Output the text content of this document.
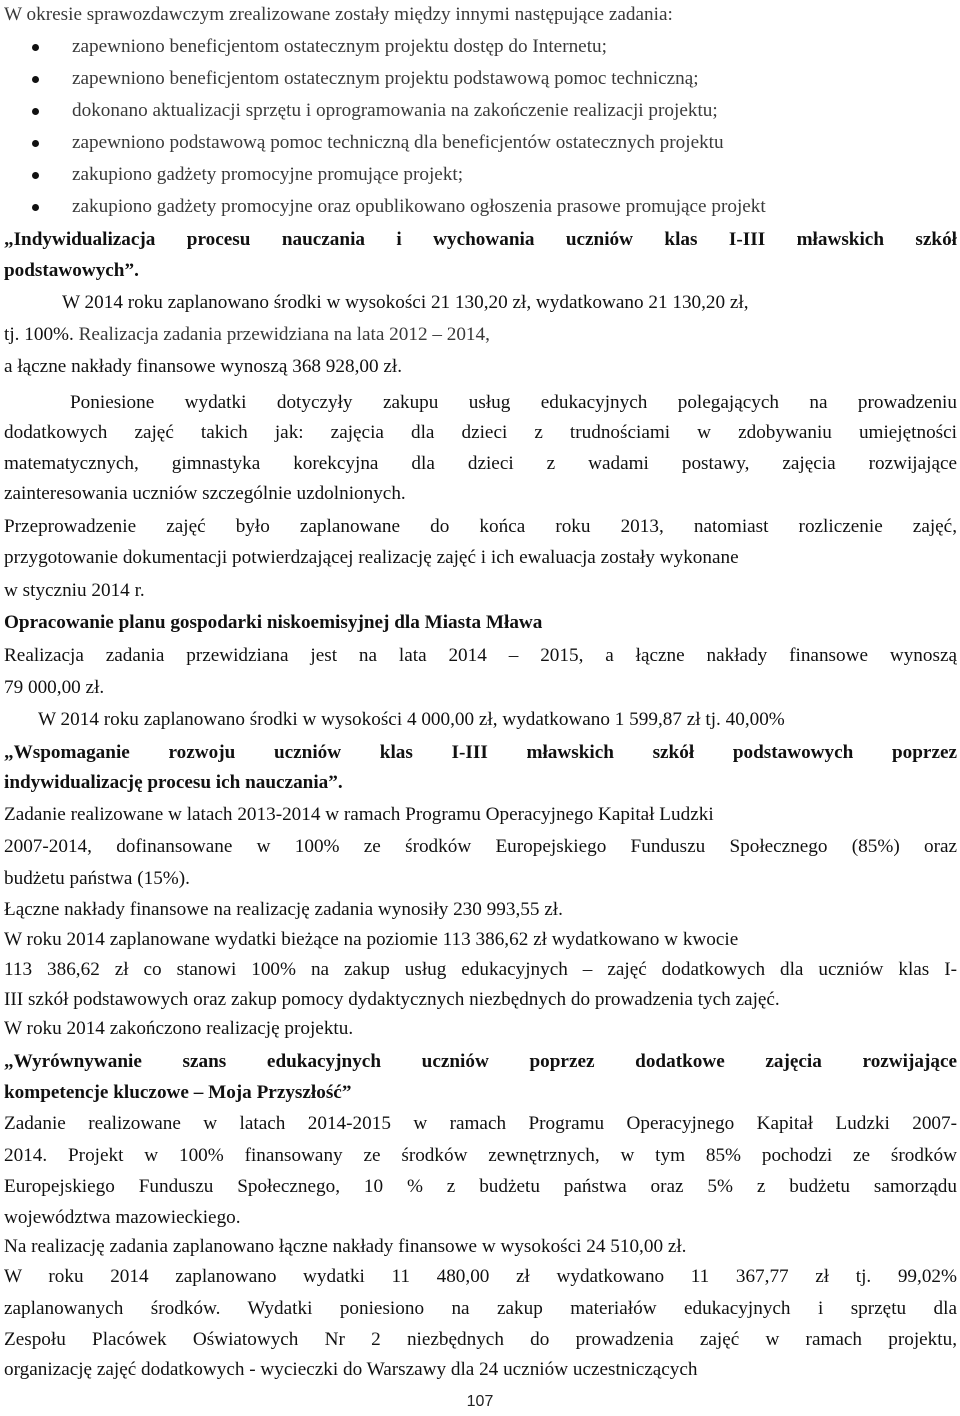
W okresie sprawozdawczym zrealizowane zostały między innymi następujące zadania:
zapewniono beneficjentom ostatecznym projektu dostęp do Internetu;
zapewniono beneficjentom ostatecznym projektu podstawową pomoc techniczną;
dokonano aktualizacji sprzętu i oprogramowania na zakończenie realizacji projektu;
zapewniono podstawową pomoc techniczną dla beneficjentów ostatecznych projektu
zakupiono gadżety promocyjne promujące projekt;
zakupiono gadżety promocyjne oraz opublikowano ogłoszenia prasowe promujące projekt
„Indywidualizacja procesu nauczania i wychowania uczniów klas I-III mławskich szkół
podstawowych”.
W 2014 roku zaplanowano środki w wysokości 21 130,20 zł, wydatkowano 21 130,20 zł,
tj. 100%. Realizacja zadania przewidziana na lata 2012 – 2014,
a łączne nakłady finansowe wynoszą 368 928,00 zł.
Poniesione wydatki dotyczyły zakupu usług edukacyjnych polegających na prowadzeniu
dodatkowych zajęć takich jak: zajęcia dla dzieci z trudnościami w zdobywaniu umiejętności
matematycznych, gimnastyka korekcyjna dla dzieci z wadami postawy, zajęcia rozwijające
zainteresowania uczniów szczególnie uzdolnionych.
Przeprowadzenie zajęć było zaplanowane do końca roku 2013, natomiast rozliczenie zajęć,
przygotowanie dokumentacji potwierdzającej realizację zajęć i ich ewaluacja zostały wykonane
w styczniu 2014 r.
Opracowanie planu gospodarki niskoemisyjnej dla Miasta Mława
Realizacja zadania przewidziana jest na lata 2014 – 2015, a łączne nakłady finansowe wynoszą
79 000,00 zł.
W 2014 roku zaplanowano środki w wysokości 4 000,00 zł, wydatkowano 1 599,87 zł tj. 40,00%
„Wspomaganie rozwoju uczniów klas I-III mławskich szkół podstawowych poprzez
indywidualizację procesu ich nauczania”.
Zadanie realizowane w latach 2013-2014 w ramach Programu Operacyjnego Kapitał Ludzki
2007-2014, dofinansowane w 100% ze środków Europejskiego Funduszu Społecznego (85%) oraz
budżetu państwa (15%).
Łączne nakłady finansowe na realizację zadania wynosiły 230 993,55 zł.
W roku 2014 zaplanowane wydatki bieżące na poziomie 113 386,62 zł wydatkowano w kwocie
113 386,62 zł co stanowi 100% na zakup usług edukacyjnych – zajęć dodatkowych dla uczniów klas I-
III szkół podstawowych oraz zakup pomocy dydaktycznych niezbędnych do prowadzenia tych zajęć.
W roku 2014 zakończono realizację projektu.
„Wyrównywanie szans edukacyjnych uczniów poprzez dodatkowe zajęcia rozwijające
kompetencje kluczowe – Moja Przyszłość”
Zadanie realizowane w latach 2014-2015 w ramach Programu Operacyjnego Kapitał Ludzki 2007-
2014. Projekt w 100% finansowany ze środków zewnętrznych, w tym 85% pochodzi ze środków
Europejskiego Funduszu Społecznego, 10 % z budżetu państwa oraz 5% z budżetu samorządu
województwa mazowieckiego.
Na realizację zadania zaplanowano łączne nakłady finansowe w wysokości 24 510,00 zł.
W roku 2014 zaplanowano wydatki 11 480,00 zł wydatkowano 11 367,77 zł tj. 99,02%
zaplanowanych środków. Wydatki poniesiono na zakup materiałów edukacyjnych i sprzętu dla
Zespołu Placówek Oświatowych Nr 2 niezbędnych do prowadzenia zajęć w ramach projektu,
organizację zajęć dodatkowych - wycieczki do Warszawy dla 24 uczniów uczestniczących
107
